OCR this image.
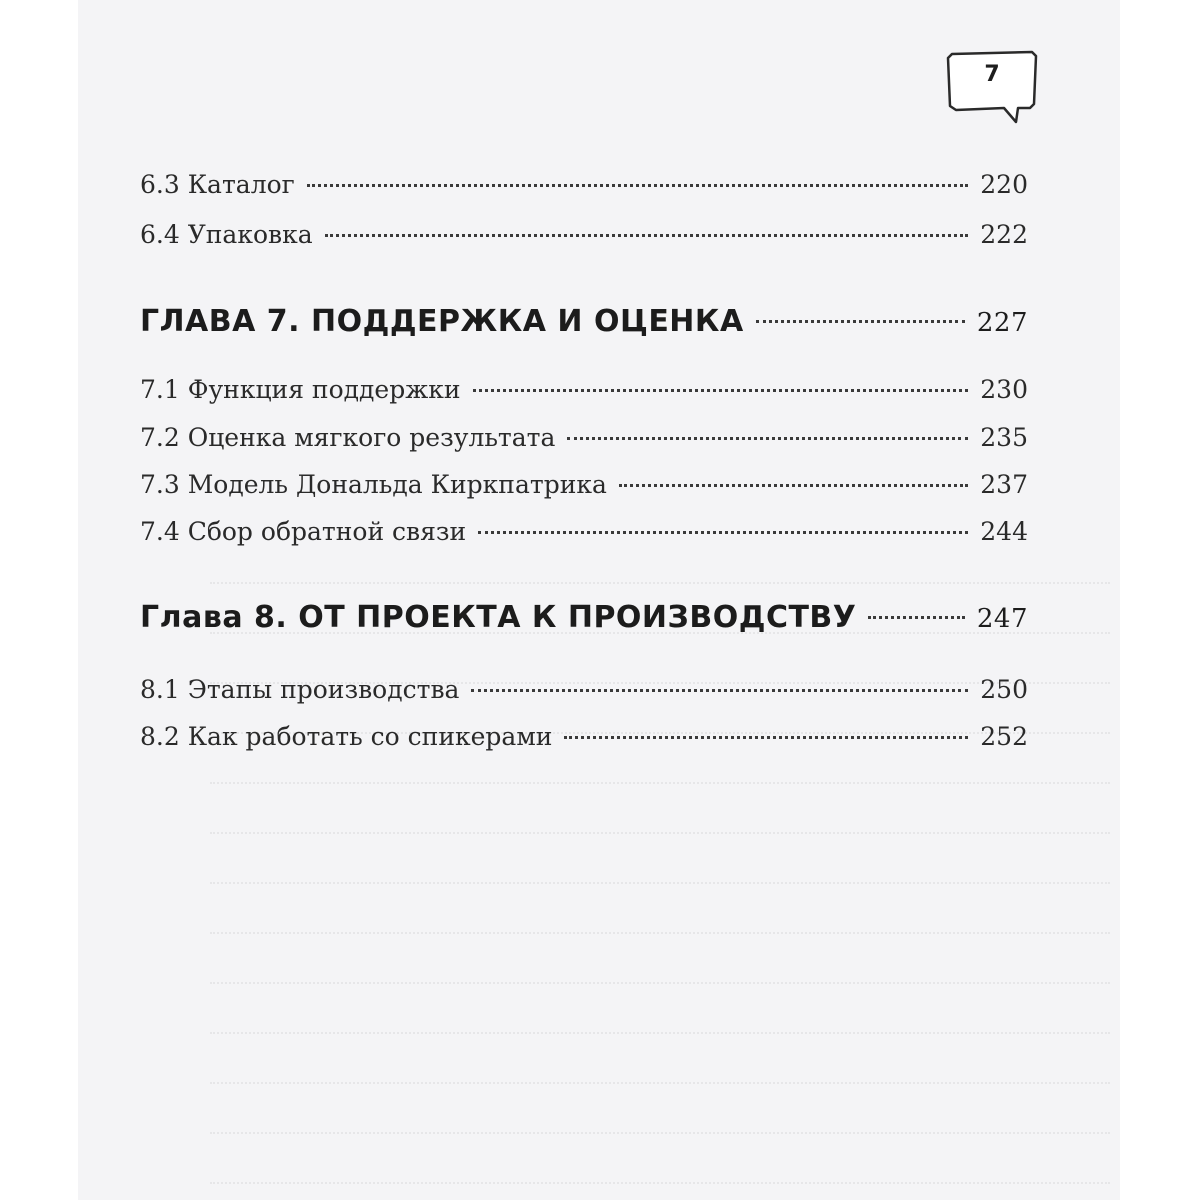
7
6.3 Каталог	220
6.4 Упаковка	222
ГЛАВА 7. ПОДДЕРЖКА И ОЦЕНКА	227
7.1 Функция поддержки	230
7.2 Оценка мягкого результата	235
7.3 Модель Дональда Киркпатрика	237
7.4 Сбор обратной связи	244
Глава 8. ОТ ПРОЕКТА К ПРОИЗВОДСТВУ	247
8.1 Этапы производства	250
8.2 Как работать со спикерами	252
